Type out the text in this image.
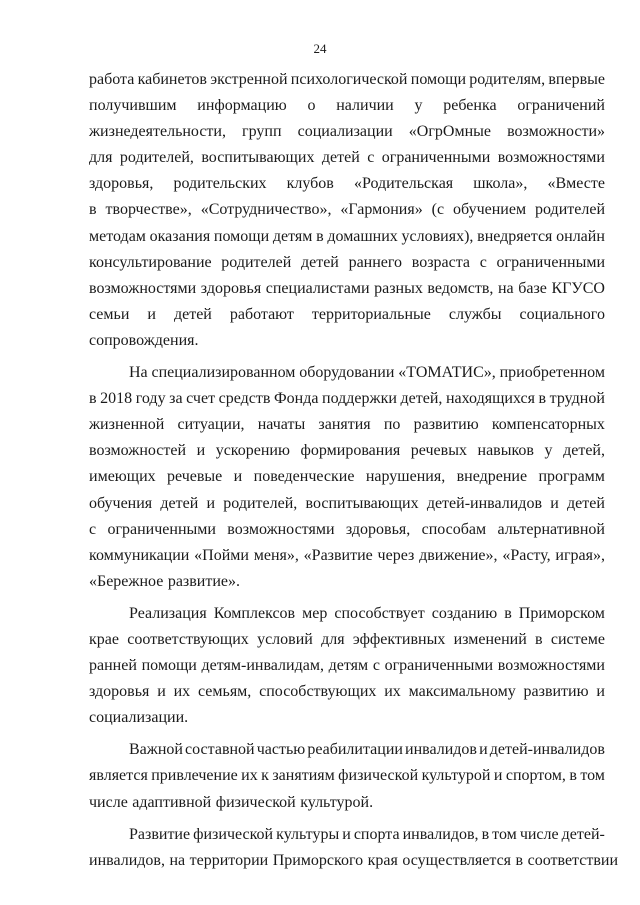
24
работа кабинетов экстренной психологической помощи родителям, впервые
получившим информацию о наличии у ребенка ограничений
жизнедеятельности, групп социализации «ОгрОмные возможности»
для родителей, воспитывающих детей с ограниченными возможностями
здоровья, родительских клубов «Родительская школа», «Вместе
в творчестве», «Сотрудничество», «Гармония» (с обучением родителей
методам оказания помощи детям в домашних условиях), внедряется онлайн
консультирование родителей детей раннего возраста с ограниченными
возможностями здоровья специалистами разных ведомств, на базе КГУСО
семьи и детей работают территориальные службы социального
сопровождения.
На специализированном оборудовании «ТОМАТИС», приобретенном
в 2018 году за счет средств Фонда поддержки детей, находящихся в трудной
жизненной ситуации, начаты занятия по развитию компенсаторных
возможностей и ускорению формирования речевых навыков у детей,
имеющих речевые и поведенческие нарушения, внедрение программ
обучения детей и родителей, воспитывающих детей-инвалидов и детей
с ограниченными возможностями здоровья, способам альтернативной
коммуникации «Пойми меня», «Развитие через движение», «Расту, играя»,
«Бережное развитие».
Реализация Комплексов мер способствует созданию в Приморском
крае соответствующих условий для эффективных изменений в системе
ранней помощи детям-инвалидам, детям с ограниченными возможностями
здоровья и их семьям, способствующих их максимальному развитию и
социализации.
Важной составной частью реабилитации инвалидов и детей-инвалидов
является привлечение их к занятиям физической культурой и спортом, в том
числе адаптивной физической культурой.
Развитие физической культуры и спорта инвалидов, в том числе детей-
инвалидов, на территории Приморского края осуществляется в соответствии
